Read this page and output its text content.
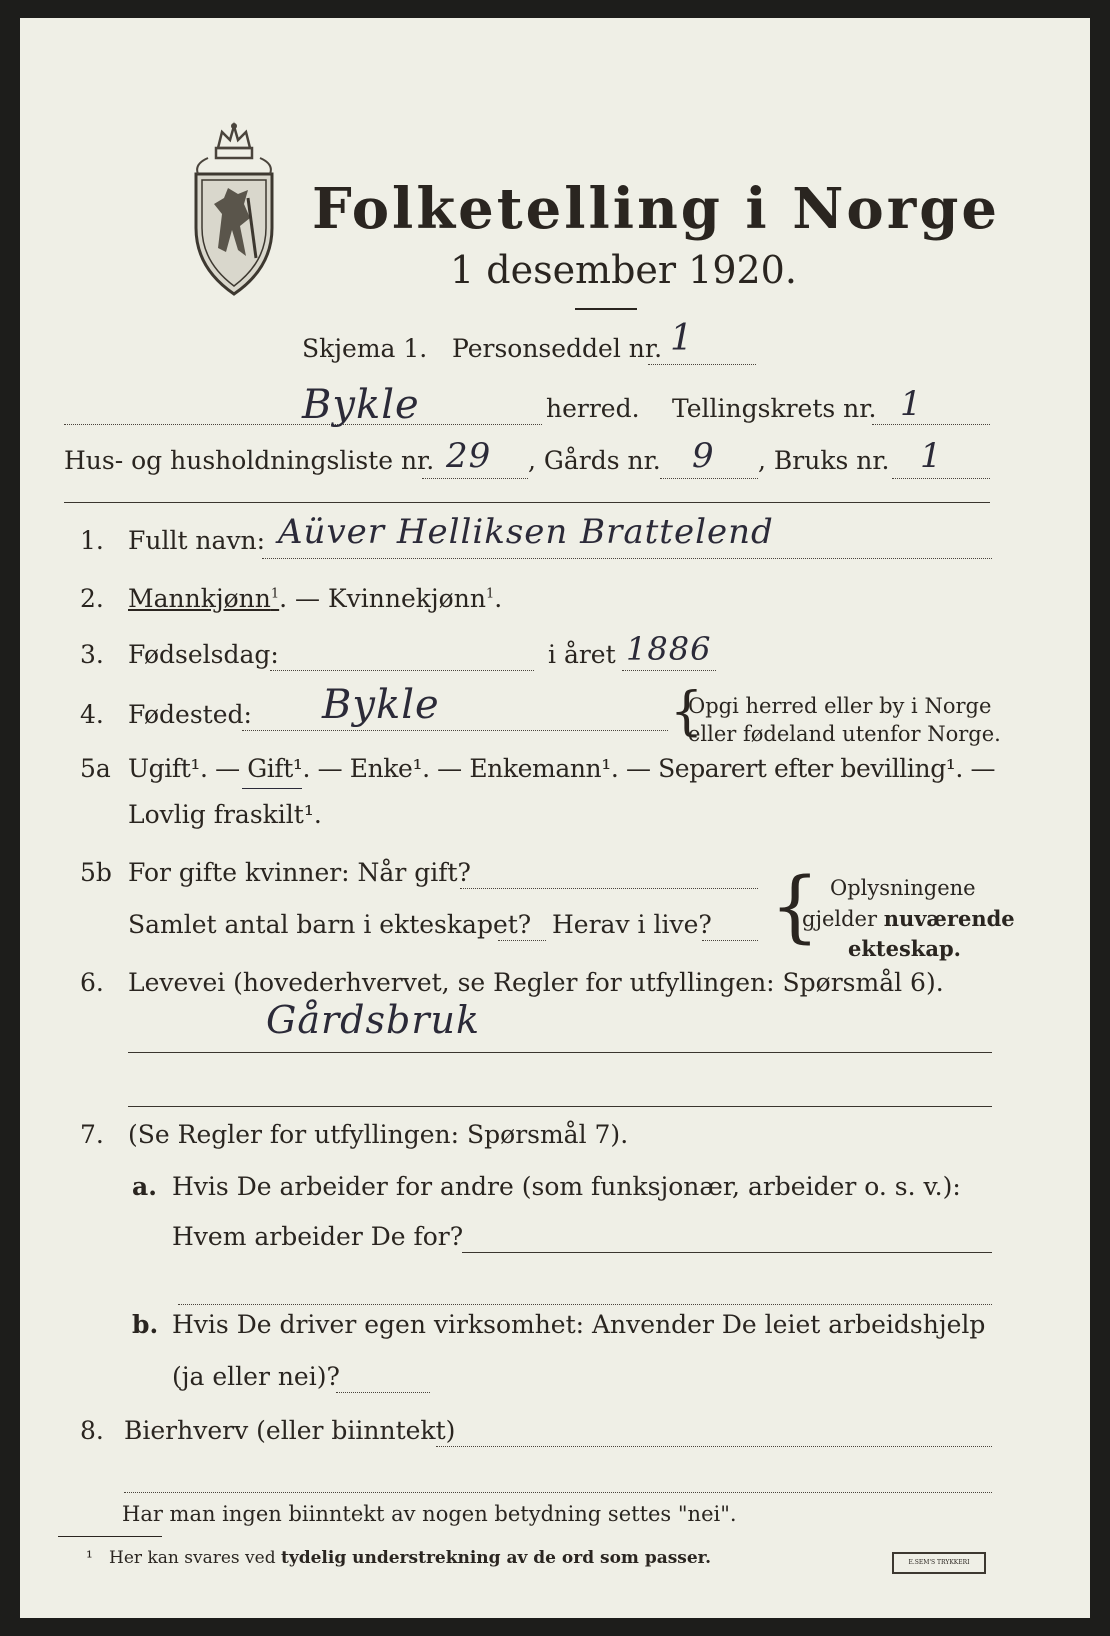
Folketelling i Norge
1 desember 1920.
Skjema 1. Personseddel nr. 1
Bykle	herred. Tellingskrets nr. 1
Hus- og husholdningsliste nr. 29 , Gårds nr. 9 , Bruks nr. 1
1. Fullt navn: Aüver Helliksen Brattelend
2. Mannkjønn$^1$. — Kvinnekjønn$^1$.
3. Fødselsdag:	i året 1886
4. Fødested: Bykle	{
Opgi herred eller by i Norge
eller fødeland utenfor Norge.
5a Ugift¹. — Gift¹. — Enke¹. — Enkemann¹. — Separert efter bevilling¹. —
Lovlig fraskilt¹.
5b For gifte kvinner: Når gift?
Samlet antal barn i ekteskapet? Herav i live? { Oplysningene
gjelder nuværende
ekteskap.
6. Levevei (hovederhvervet, se Regler for utfyllingen: Spørsmål 6).
Gårdsbruk
7. (Se Regler for utfyllingen: Spørsmål 7).
a. Hvis De arbeider for andre (som funksjonær, arbeider o. s. v.):
Hvem arbeider De for?
b. Hvis De driver egen virksomhet: Anvender De leiet arbeidshjelp
(ja eller nei)?
8. Bierhverv (eller biinntekt)
Har man ingen biinntekt av nogen betydning settes "nei".
¹ Her kan svares ved tydelig understrekning av de ord som passer.	E.SEM'S TRYKKERI
